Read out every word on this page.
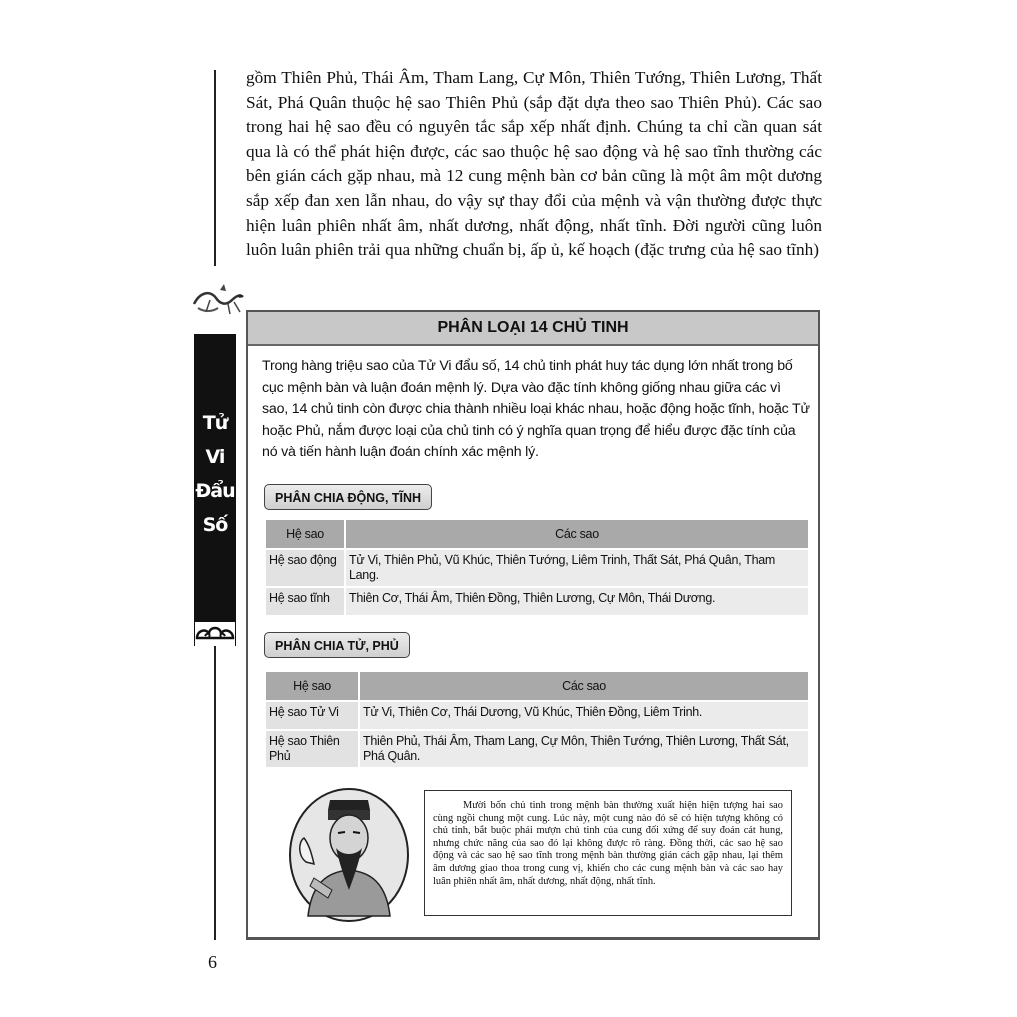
gồm Thiên Phủ, Thái Âm, Tham Lang, Cự Môn, Thiên Tướng, Thiên Lương, Thất Sát, Phá Quân thuộc hệ sao Thiên Phủ (sắp đặt dựa theo sao Thiên Phủ). Các sao trong hai hệ sao đều có nguyên tắc sắp xếp nhất định. Chúng ta chỉ cần quan sát qua là có thể phát hiện được, các sao thuộc hệ sao động và hệ sao tĩnh thường các bên gián cách gặp nhau, mà 12 cung mệnh bàn cơ bản cũng là một âm một dương sắp xếp đan xen lẫn nhau, do vậy sự thay đổi của mệnh và vận thường được thực hiện luân phiên nhất âm, nhất dương, nhất động, nhất tĩnh. Đời người cũng luôn luôn luân phiên trải qua những chuẩn bị, ấp ủ, kế hoạch (đặc trưng của hệ sao tĩnh)

Tử
Vi
Đẩu
Số
6
PHÂN LOẠI 14 CHỦ TINH

Trong hàng triệu sao của Tử Vi đẩu số, 14 chủ tinh phát huy tác dụng lớn nhất trong bố cục mệnh bàn và luận đoán mệnh lý. Dựa vào đặc tính không giống nhau giữa các vì sao, 14 chủ tinh còn được chia thành nhiều loại khác nhau, hoặc động hoặc tĩnh, hoặc Tử hoặc Phủ, nắm được loại của chủ tinh có ý nghĩa quan trọng để hiểu được đặc tính của nó và tiến hành luận đoán chính xác mệnh lý.

PHÂN CHIA ĐỘNG, TĨNH
Hệ sao	Các sao
Hệ sao động	Tử Vi, Thiên Phủ, Vũ Khúc, Thiên Tướng, Liêm Trinh, Thất Sát, Phá Quân, Tham Lang.
Hệ sao tĩnh	Thiên Cơ, Thái Âm, Thiên Đồng, Thiên Lương, Cự Môn, Thái Dương.
PHÂN CHIA TỬ, PHỦ
Hệ sao	Các sao
Hệ sao Tử Vi	Tử Vi, Thiên Cơ, Thái Dương, Vũ Khúc, Thiên Đồng, Liêm Trinh.
Hệ sao Thiên Phủ	Thiên Phủ, Thái Âm, Tham Lang, Cự Môn, Thiên Tướng, Thiên Lương, Thất Sát, Phá Quân.

Mười bốn chủ tinh trong mệnh bàn thường xuất hiện hiện tượng hai sao cùng ngồi chung một cung. Lúc này, một cung nào đó sẽ có hiện tượng không có chủ tinh, bắt buộc phải mượn chủ tinh của cung đối xứng để suy đoán cát hung, nhưng chức năng của sao đó lại không được rõ ràng. Đồng thời, các sao hệ sao động và các sao hệ sao tĩnh trong mệnh bàn thường gián cách gặp nhau, lại thêm âm dương giao thoa trong cung vị, khiến cho các cung mệnh bàn và các sao hay luân phiên nhất âm, nhất dương, nhất động, nhất tĩnh.
